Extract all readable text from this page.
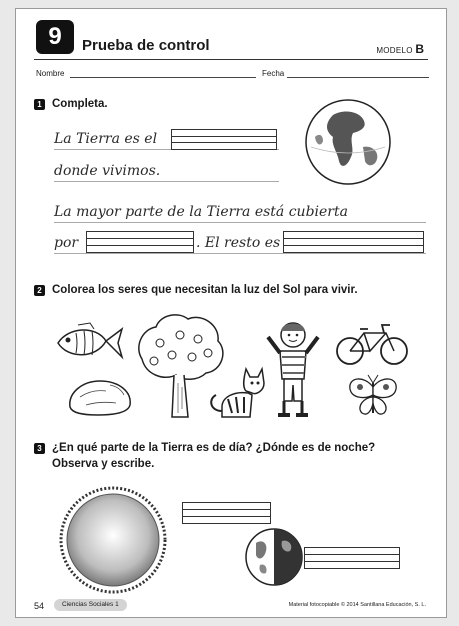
9	Prueba de control	MODELO B
Nombre	Fecha
1 Completa.
La Tierra es el
donde vivimos.
La mayor parte de la Tierra está cubierta
por	. El resto es
2 Colorea los seres que necesitan la luz del Sol para vivir.
3 ¿En qué parte de la Tierra es de día? ¿Dónde es de noche?
Observa y escribe.
54	Ciencias Sociales 1	Material fotocopiable © 2014 Santillana Educación, S. L.
